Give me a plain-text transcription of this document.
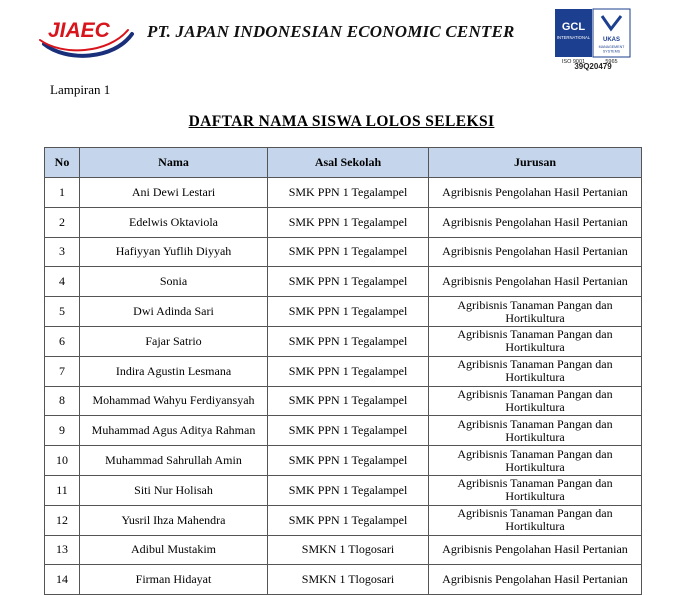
JIAEC PT. JAPAN INDONESIAN ECONOMIC CENTER	GCL
INTERNATIONAL UKAS
MANAGEMENT
SYSTEMS
ISO 9001	5965
39Q20479
Lampiran 1
DAFTAR NAMA SISWA LOLOS SELEKSI
No	Nama	Asal Sekolah	Jurusan
1	Ani Dewi Lestari	SMK PPN 1 Tegalampel	Agribisnis Pengolahan Hasil Pertanian
2	Edelwis Oktaviola	SMK PPN 1 Tegalampel	Agribisnis Pengolahan Hasil Pertanian
3	Hafiyyan Yuflih Diyyah	SMK PPN 1 Tegalampel	Agribisnis Pengolahan Hasil Pertanian
4	Sonia	SMK PPN 1 Tegalampel	Agribisnis Pengolahan Hasil Pertanian
5	Dwi Adinda Sari	SMK PPN 1 Tegalampel	Agribisnis Tanaman Pangan dan Hortikultura
6	Fajar Satrio	SMK PPN 1 Tegalampel	Agribisnis Tanaman Pangan dan Hortikultura
7	Indira Agustin Lesmana	SMK PPN 1 Tegalampel	Agribisnis Tanaman Pangan dan Hortikultura
8	Mohammad Wahyu Ferdiyansyah	SMK PPN 1 Tegalampel	Agribisnis Tanaman Pangan dan Hortikultura
9	Muhammad Agus Aditya Rahman	SMK PPN 1 Tegalampel	Agribisnis Tanaman Pangan dan Hortikultura
10	Muhammad Sahrullah Amin	SMK PPN 1 Tegalampel	Agribisnis Tanaman Pangan dan Hortikultura
11	Siti Nur Holisah	SMK PPN 1 Tegalampel	Agribisnis Tanaman Pangan dan Hortikultura
12	Yusril Ihza Mahendra	SMK PPN 1 Tegalampel	Agribisnis Tanaman Pangan dan Hortikultura
13	Adibul Mustakim	SMKN 1 Tlogosari	Agribisnis Pengolahan Hasil Pertanian
14	Firman Hidayat	SMKN 1 Tlogosari	Agribisnis Pengolahan Hasil Pertanian
